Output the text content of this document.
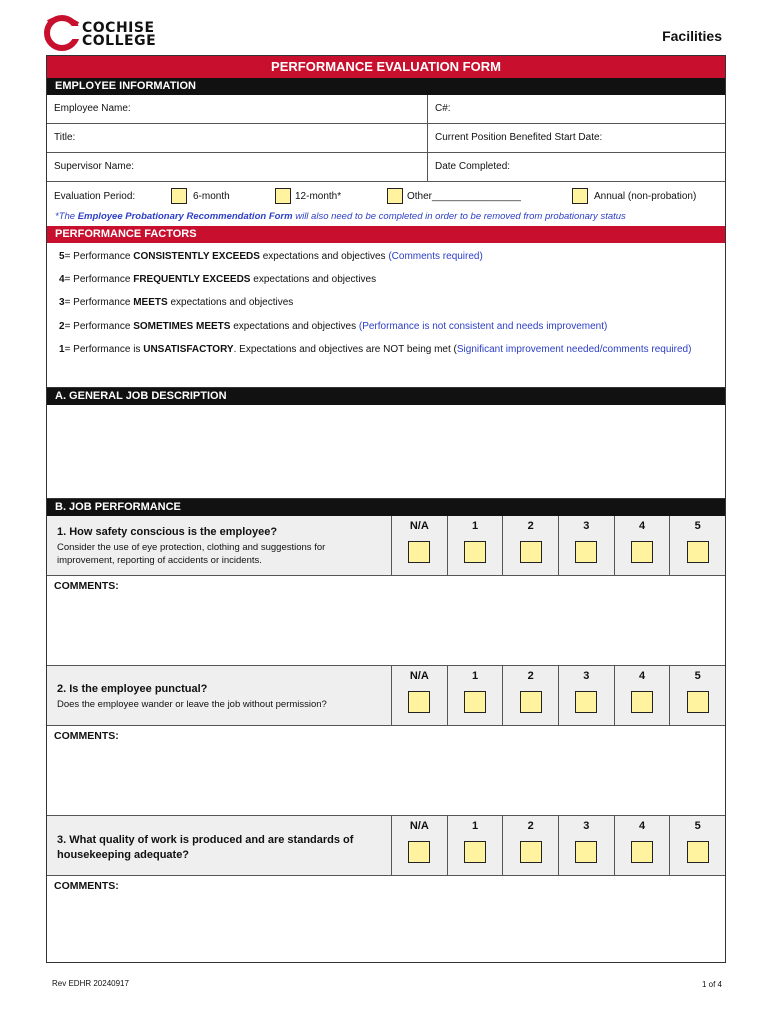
COCHISE
COLLEGE	Facilities
PERFORMANCE EVALUATION FORM
EMPLOYEE INFORMATION
Employee Name:	C#:
Title:	Current Position Benefited Start Date:
Supervisor Name:	Date Completed:
Evaluation Period:	6-month	12-month*	Other________________	Annual (non-probation)
*The Employee Probationary Recommendation Form will also need to be completed in order to be removed from probationary status
PERFORMANCE FACTORS
5= Performance CONSISTENTLY EXCEEDS expectations and objectives (Comments required)
4= Performance FREQUENTLY EXCEEDS expectations and objectives
3= Performance MEETS expectations and objectives
2= Performance SOMETIMES MEETS expectations and objectives (Performance is not consistent and needs improvement)
1= Performance is UNSATISFACTORY. Expectations and objectives are NOT being met (Significant improvement needed/comments required)
A. GENERAL JOB DESCRIPTION
B. JOB PERFORMANCE
1. How safety conscious is the employee?
Consider the use of eye protection, clothing and suggestions for improvement, reporting of accidents or incidents.
N/A	1	2	3	4	5
COMMENTS:
2. Is the employee punctual?
Does the employee wander or leave the job without permission?
N/A	1	2	3	4	5
COMMENTS:
3. What quality of work is produced and are standards of housekeeping adequate?
N/A	1	2	3	4	5
COMMENTS:
Rev EDHR 20240917	1 of 4
